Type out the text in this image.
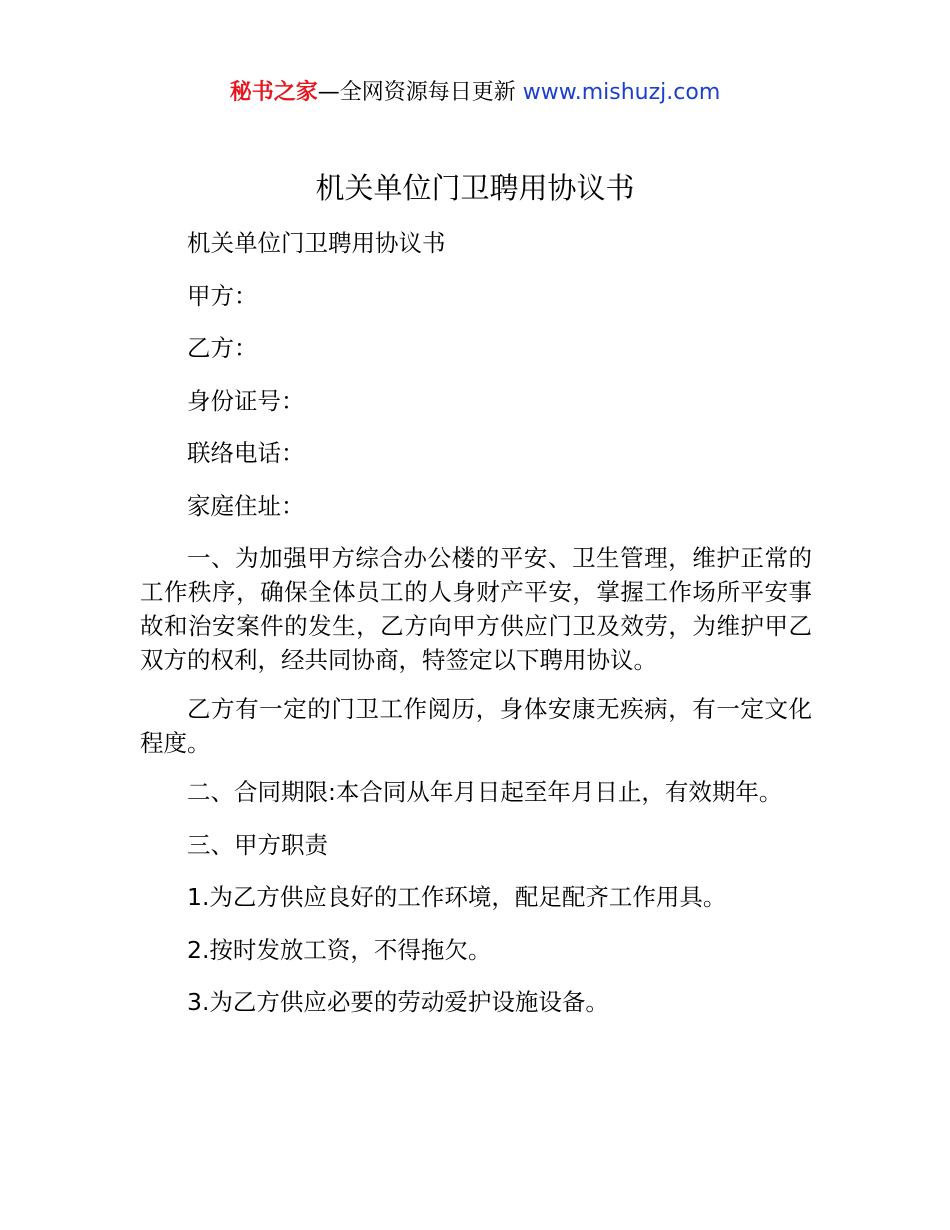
秘书之家—全网资源每日更新 www.mishuzj.com
机关单位门卫聘用协议书

机关单位门卫聘用协议书

甲方：

乙方：

身份证号：

联络电话：

家庭住址：

一、为加强甲方综合办公楼的平安、卫生管理，维护正常的工作秩序，确保全体员工的人身财产平安，掌握工作场所平安事故和治安案件的发生，乙方向甲方供应门卫及效劳，为维护甲乙双方的权利，经共同协商，特签定以下聘用协议。

乙方有一定的门卫工作阅历，身体安康无疾病，有一定文化程度。

二、合同期限:本合同从年月日起至年月日止，有效期年。

三、甲方职责

1.为乙方供应良好的工作环境，配足配齐工作用具。

2.按时发放工资，不得拖欠。

3.为乙方供应必要的劳动爱护设施设备。
